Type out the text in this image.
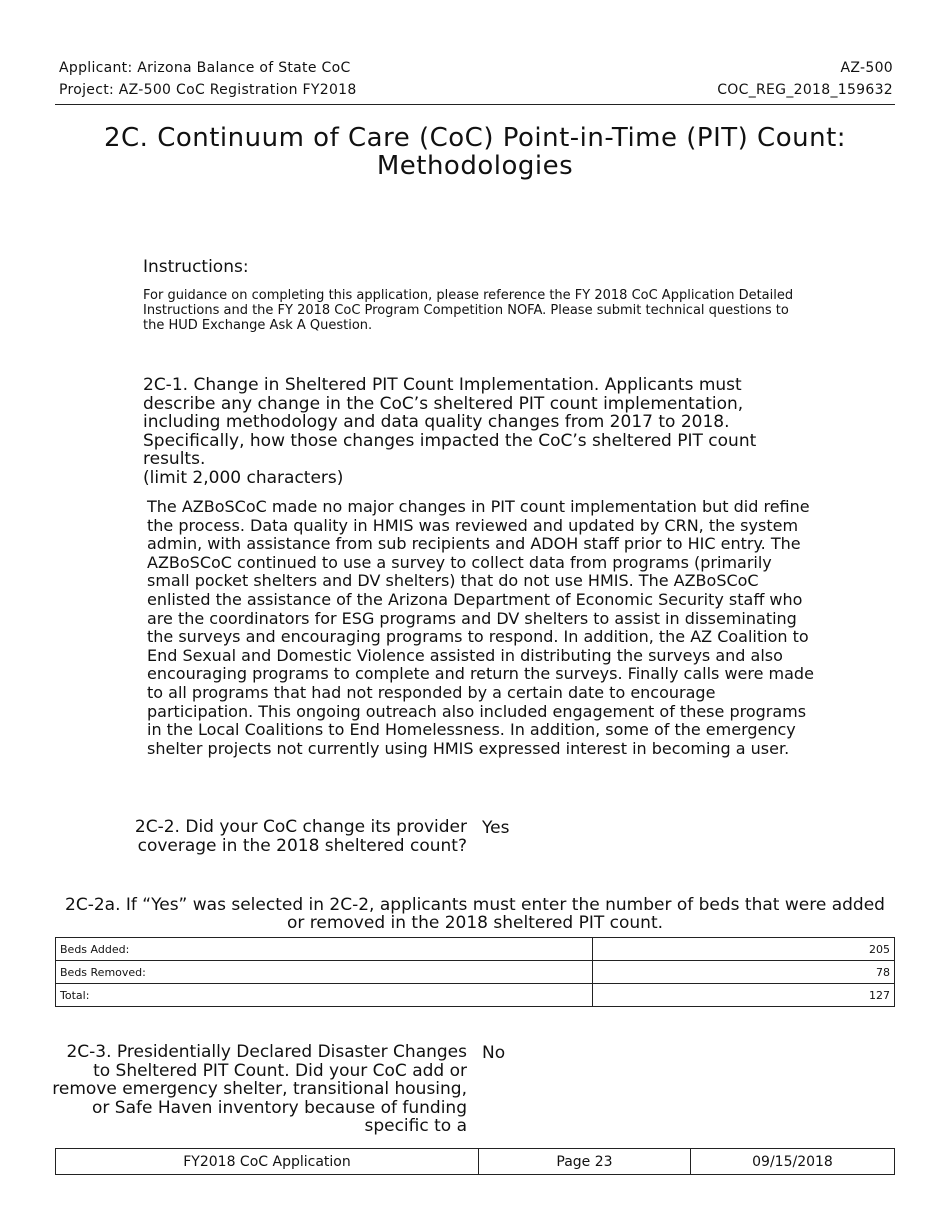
Applicant: Arizona Balance of State CoC
Project: AZ-500 CoC Registration FY2018
AZ-500
COC_REG_2018_159632
2C. Continuum of Care (CoC) Point-in-Time (PIT) Count: Methodologies
Instructions:
For guidance on completing this application, please reference the FY 2018 CoC Application Detailed Instructions and the FY 2018 CoC Program Competition NOFA. Please submit technical questions to the HUD Exchange Ask A Question.
2C-1. Change in Sheltered PIT Count Implementation. Applicants must describe any change in the CoC’s sheltered PIT count implementation, including methodology and data quality changes from 2017 to 2018. Specifically, how those changes impacted the CoC’s sheltered PIT count results.
(limit 2,000 characters)
The AZBoSCoC made no major changes in PIT count implementation but did refine the process. Data quality in HMIS was reviewed and updated by CRN, the system admin, with assistance from sub recipients and ADOH staff prior to HIC entry. The AZBoSCoC continued to use a survey to collect data from programs (primarily small pocket shelters and DV shelters) that do not use HMIS. The AZBoSCoC enlisted the assistance of the Arizona Department of Economic Security staff who are the coordinators for ESG programs and DV shelters to assist in disseminating the surveys and encouraging programs to respond. In addition, the AZ Coalition to End Sexual and Domestic Violence assisted in distributing the surveys and also encouraging programs to complete and return the surveys. Finally calls were made to all programs that had not responded by a certain date to encourage participation. This ongoing outreach also included engagement of these programs in the Local Coalitions to End Homelessness. In addition, some of the emergency shelter projects not currently using HMIS expressed interest in becoming a user.
2C-2. Did your CoC change its provider coverage in the 2018 sheltered count?
Yes
2C-2a. If “Yes” was selected in 2C-2, applicants must enter the number of beds that were added or removed in the 2018 sheltered PIT count.
Beds Added:	205
Beds Removed:	78
Total:	127
2C-3. Presidentially Declared Disaster Changes to Sheltered PIT Count. Did your CoC add or remove emergency shelter, transitional housing, or Safe Haven inventory because of funding specific to a
No
FY2018 CoC Application	Page 23	09/15/2018
